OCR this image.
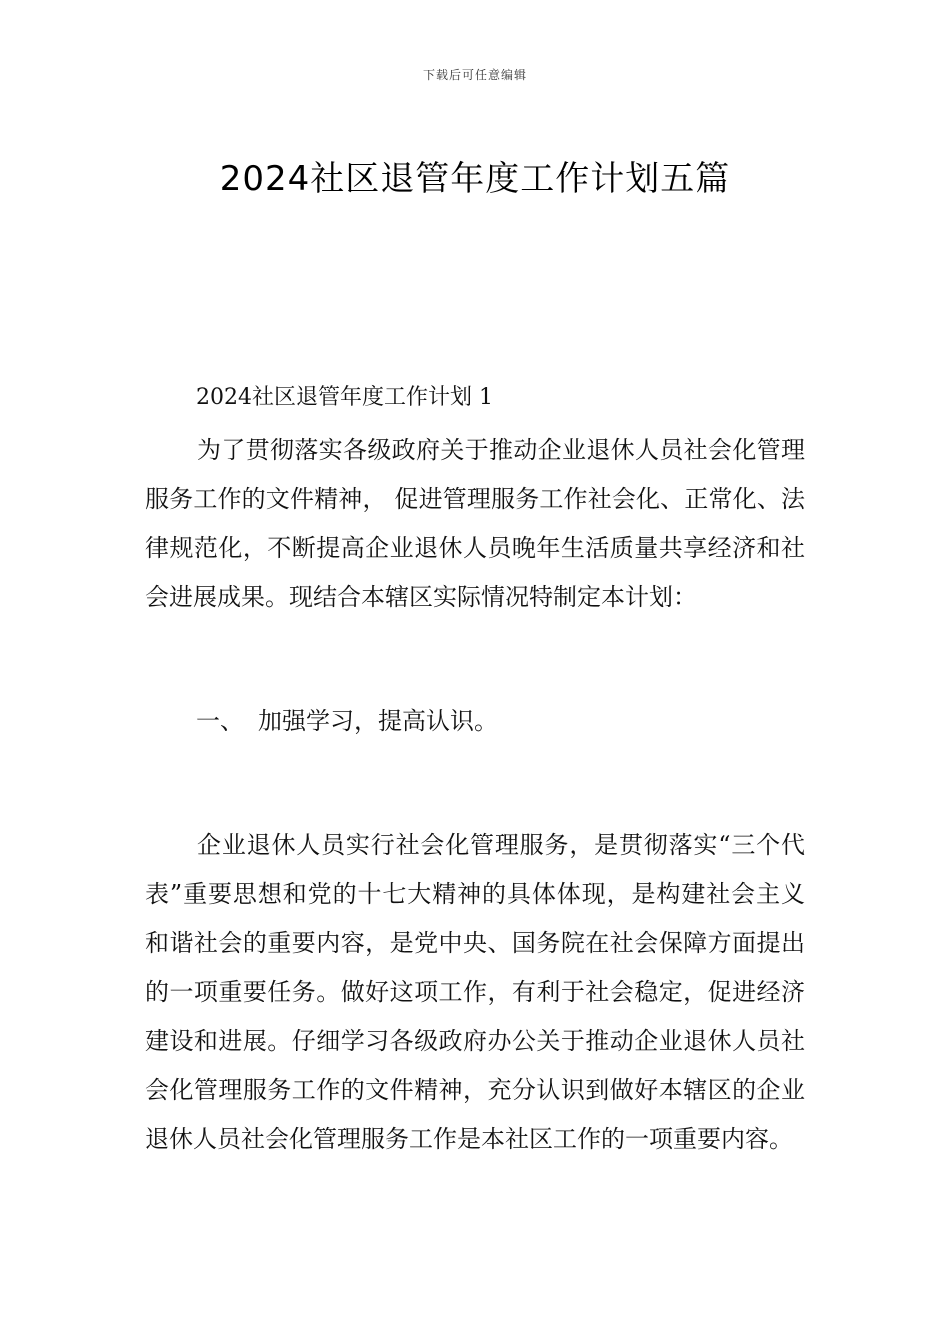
下载后可任意编辑
2024社区退管年度工作计划五篇
2024社区退管年度工作计划 1

为了贯彻落实各级政府关于推动企业退休人员社会化管理服务工作的文件精神， 促进管理服务工作社会化、正常化、法律规范化，不断提高企业退休人员晚年生活质量共享经济和社会进展成果。现结合本辖区实际情况特制定本计划：

一、 加强学习，提高认识。

企业退休人员实行社会化管理服务，是贯彻落实“三个代表”重要思想和党的十七大精神的具体体现，是构建社会主义和谐社会的重要内容，是党中央、国务院在社会保障方面提出的一项重要任务。做好这项工作，有利于社会稳定，促进经济建设和进展。仔细学习各级政府办公关于推动企业退休人员社会化管理服务工作的文件精神，充分认识到做好本辖区的企业退休人员社会化管理服务工作是本社区工作的一项重要内容。
